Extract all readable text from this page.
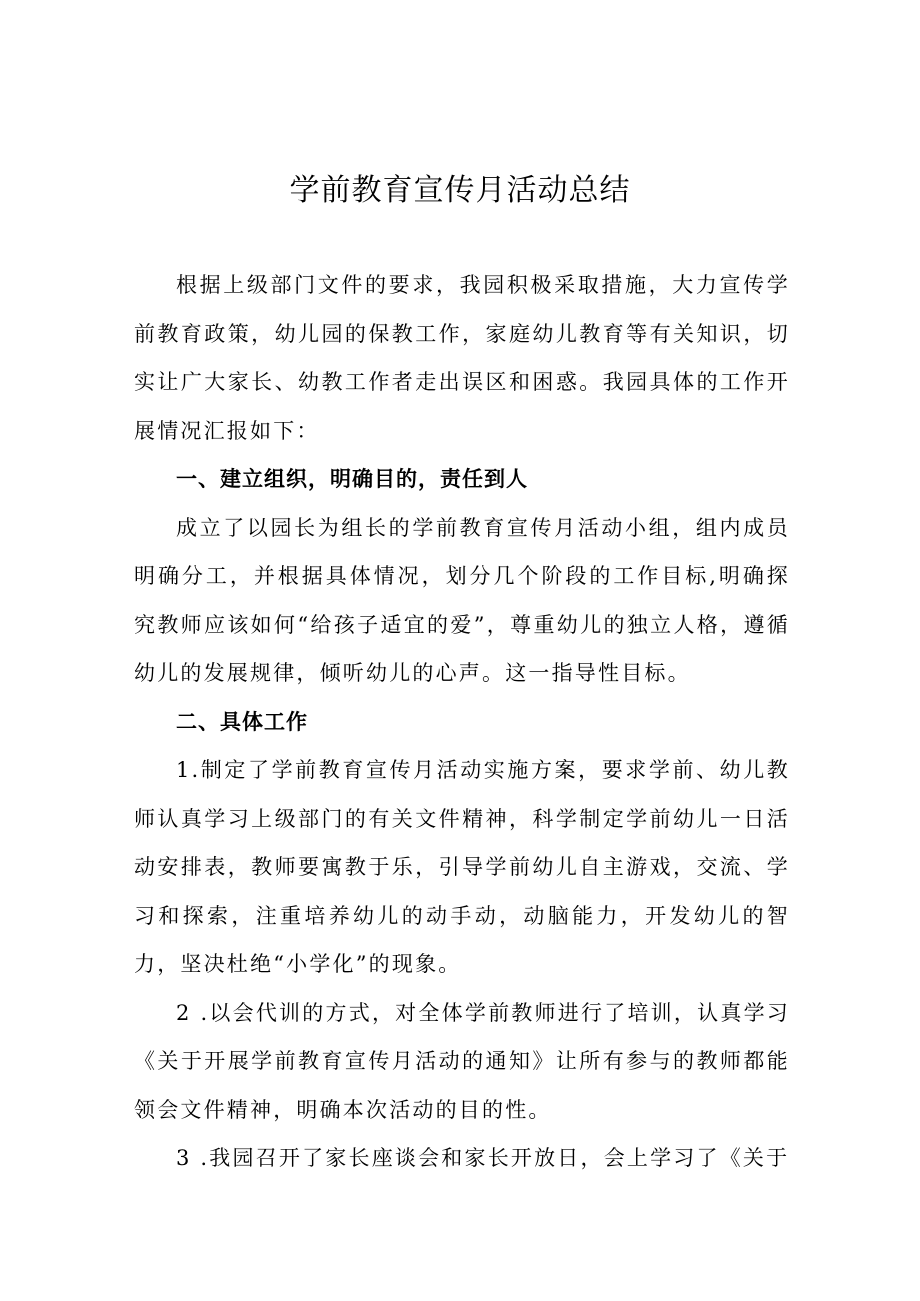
学前教育宣传月活动总结

根据上级部门文件的要求，我园积极采取措施，大力宣传学前教育政策，幼儿园的保教工作，家庭幼儿教育等有关知识，切实让广大家长、幼教工作者走出误区和困惑。我园具体的工作开展情况汇报如下：

一、建立组织，明确目的，责任到人

成立了以园长为组长的学前教育宣传月活动小组，组内成员明确分工，并根据具体情况，划分几个阶段的工作目标,明确探究教师应该如何“给孩子适宜的爱”，尊重幼儿的独立人格，遵循幼儿的发展规律，倾听幼儿的心声。这一指导性目标。

二、具体工作

1.制定了学前教育宣传月活动实施方案，要求学前、幼儿教师认真学习上级部门的有关文件精神，科学制定学前幼儿一日活动安排表，教师要寓教于乐，引导学前幼儿自主游戏，交流、学习和探索，注重培养幼儿的动手动，动脑能力，开发幼儿的智力，坚决杜绝“小学化”的现象。

2 .以会代训的方式，对全体学前教师进行了培训，认真学习《关于开展学前教育宣传月活动的通知》让所有参与的教师都能领会文件精神，明确本次活动的目的性。

3 .我园召开了家长座谈会和家长开放日，会上学习了《关于
